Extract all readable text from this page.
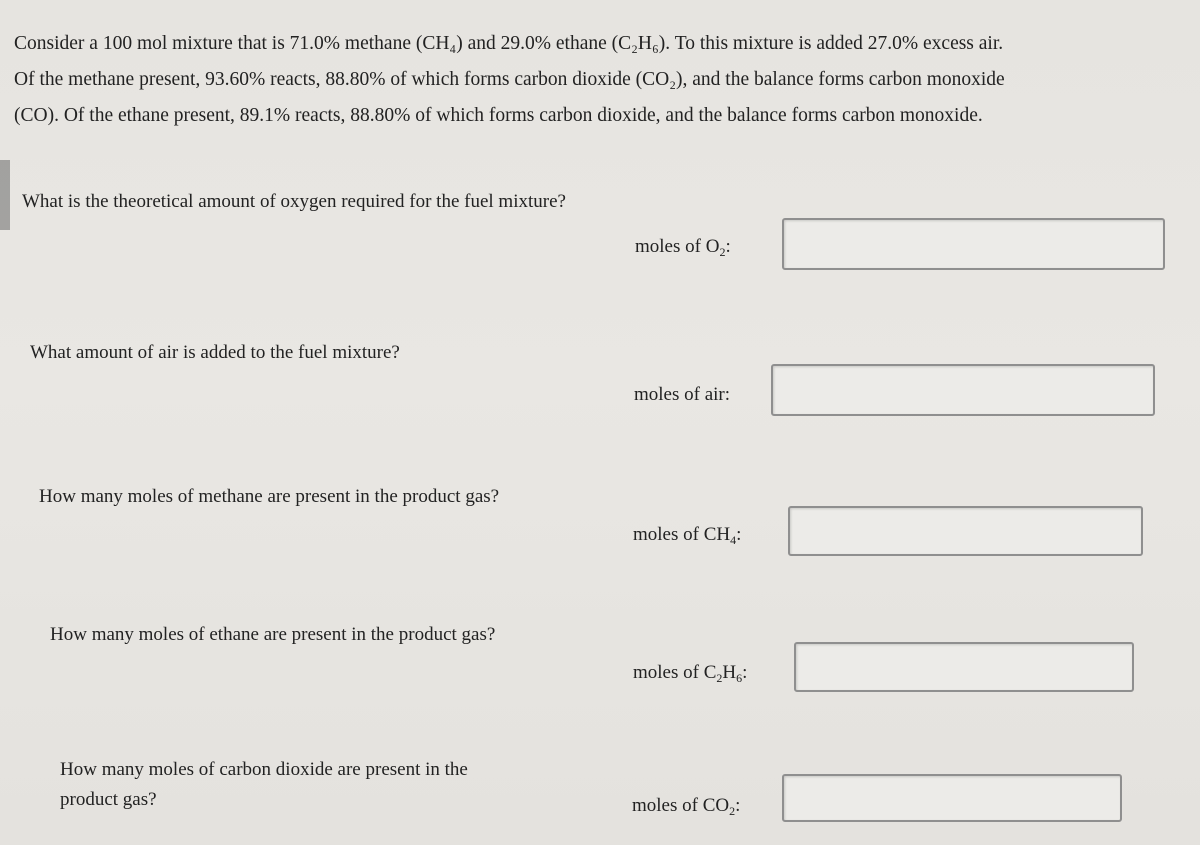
Consider a 100 mol mixture that is 71.0% methane (CH₄) and 29.0% ethane (C₂H₆). To this mixture is added 27.0% excess air.

Of the methane present, 93.60% reacts, 88.80% of which forms carbon dioxide (CO₂), and the balance forms carbon monoxide

(CO). Of the ethane present, 89.1% reacts, 88.80% of which forms carbon dioxide, and the balance forms carbon monoxide.

What is the theoretical amount of oxygen required for the fuel mixture?

moles of $O_2$:

What amount of air is added to the fuel mixture?

moles of air:

How many moles of methane are present in the product gas?

moles of $CH_4$:

How many moles of ethane are present in the product gas?

moles of $C_2H_6$:

How many moles of carbon dioxide are present in the product gas?	moles of $CO_2$:
